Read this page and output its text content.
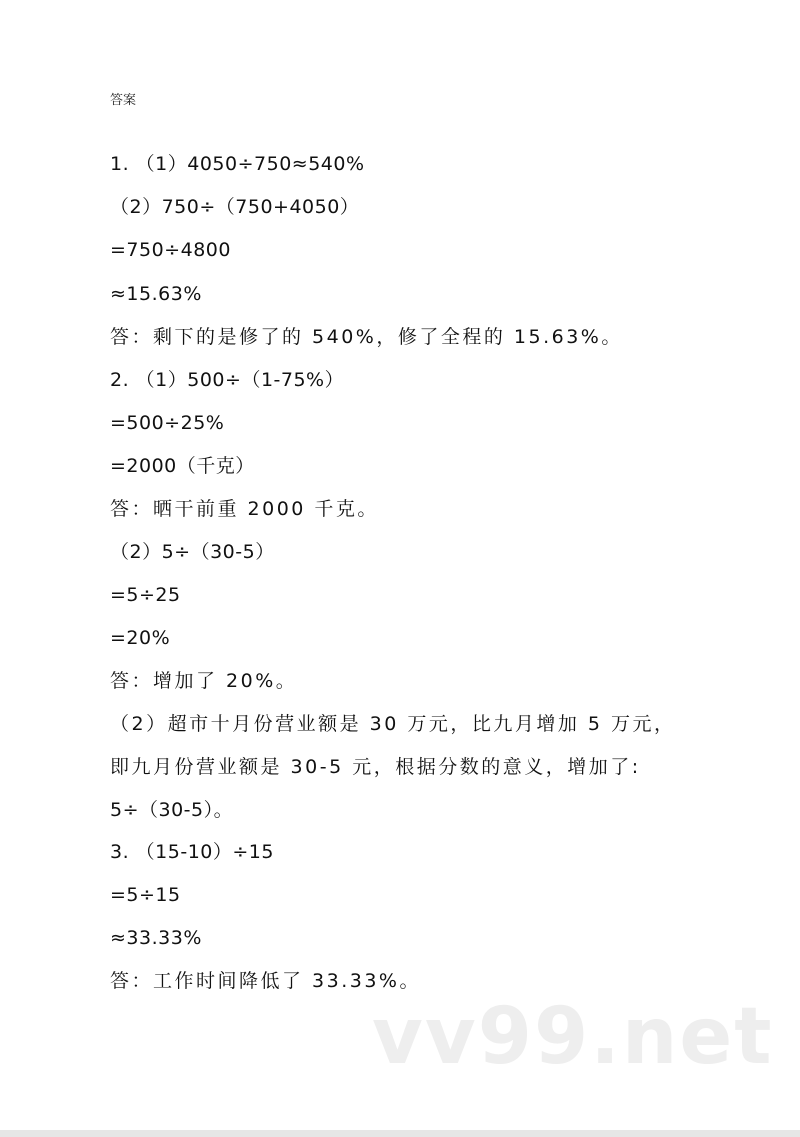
答案
1. （1）4050÷750≈540%
（2）750÷（750+4050）
=750÷4800
≈15.63%
答：剩下的是修了的 540%，修了全程的 15.63%。
2. （1）500÷（1-75%）
=500÷25%
=2000（千克）
答：晒干前重 2000 千克。
（2）5÷（30-5）
=5÷25
=20%
答：增加了 20%。
（2）超市十月份营业额是 30 万元，比九月增加 5 万元，
即九月份营业额是 30-5 元，根据分数的意义，增加了:
5÷（30-5）。
3. （15-10）÷15
=5÷15
≈33.33%
答：工作时间降低了 33.33%。
vv99.net
